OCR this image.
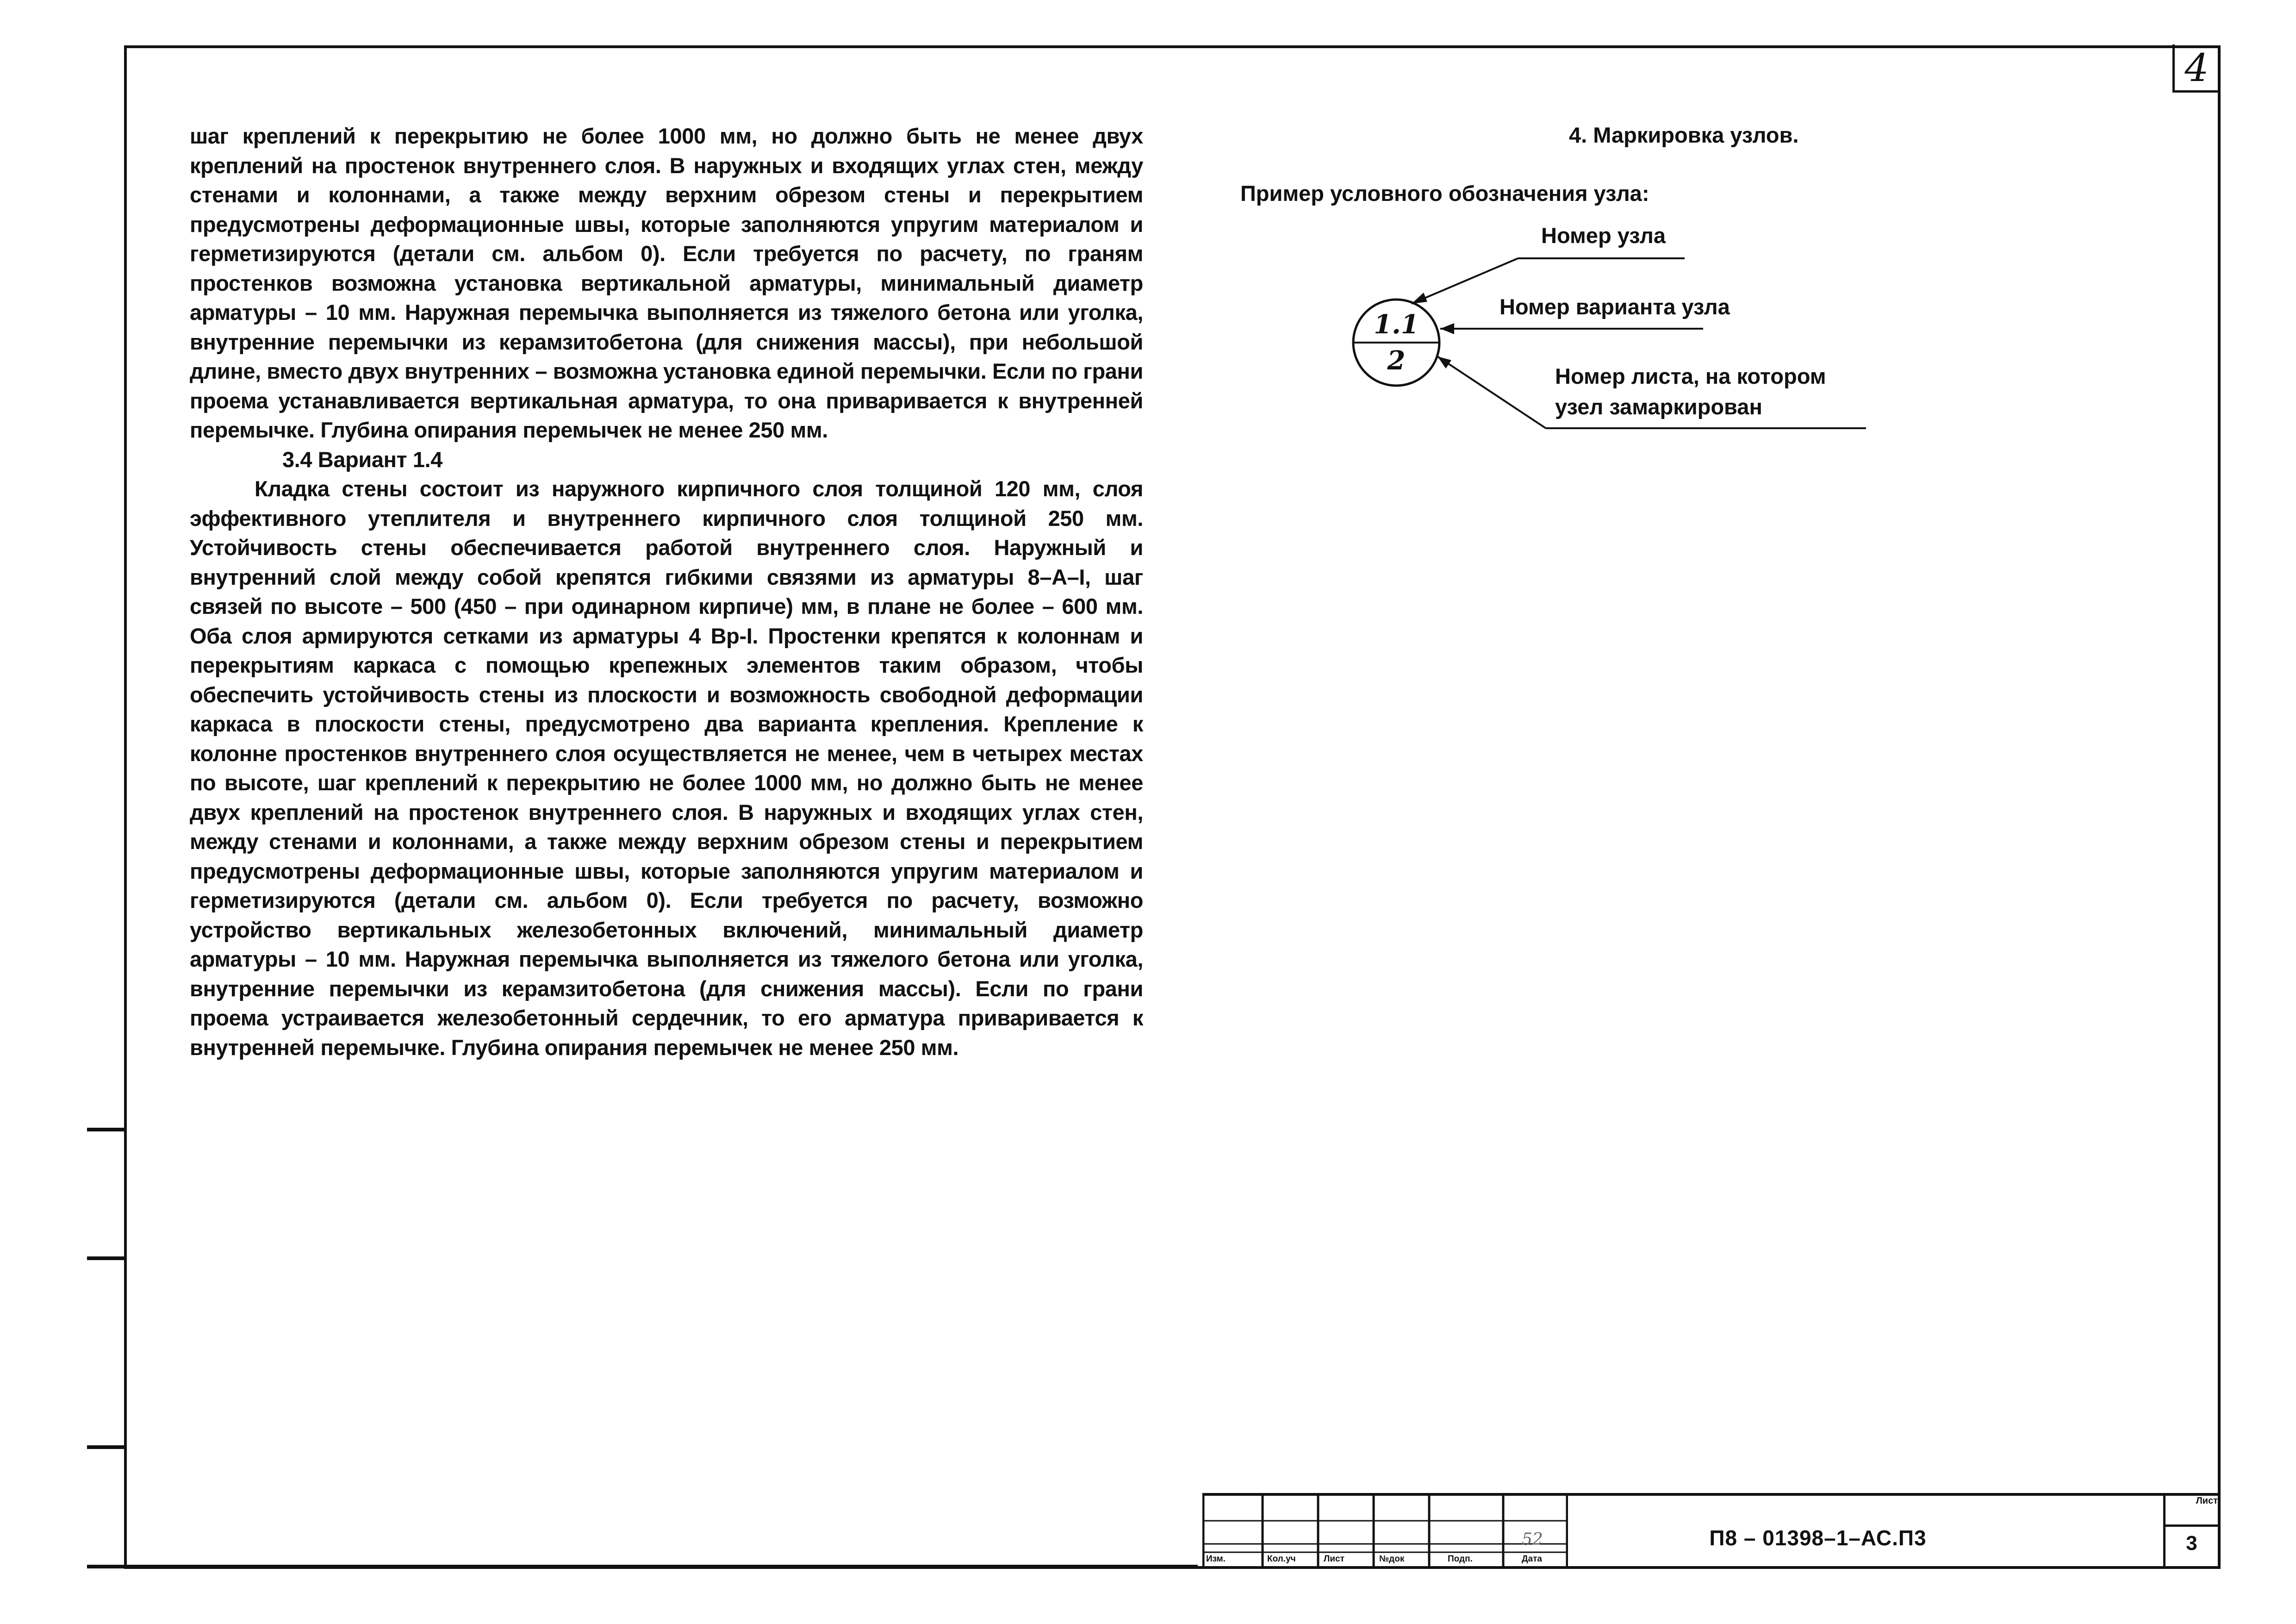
4

шаг креплений к перекрытию не более 1000 мм, но должно быть не менее двух креплений на простенок внутреннего слоя. В наружных и входящих углах стен, между стенами и колоннами, а также между верхним обрезом стены и перекрытием предусмотрены деформационные швы, которые заполняются упругим материалом и герметизируются (детали см. альбом 0). Если требуется по расчету, по граням простенков возможна установка вертикальной арматуры, минимальный диаметр арматуры – 10 мм. Наружная перемычка выполняется из тяжелого бетона или уголка, внутренние перемычки из керамзитобетона (для снижения массы), при небольшой длине, вместо двух внутренних – возможна установка единой перемычки. Если по грани проема устанавливается вертикальная арматура, то она приваривается к внутренней перемычке. Глубина опирания перемычек не менее 250 мм.

3.4 Вариант 1.4

Кладка стены состоит из наружного кирпичного слоя толщиной 120 мм, слоя эффективного утеплителя и внутреннего кирпичного слоя толщиной 250 мм. Устойчивость стены обеспечивается работой внутреннего слоя. Наружный и внутренний слой между собой крепятся гибкими связями из арматуры 8–А–I, шаг связей по высоте – 500 (450 – при одинарном кирпиче) мм, в плане не более – 600 мм. Оба слоя армируются сетками из арматуры 4 Вр-I. Простенки крепятся к колоннам и перекрытиям каркаса с помощью крепежных элементов таким образом, чтобы обеспечить устойчивость стены из плоскости и возможность свободной деформации каркаса в плоскости стены, предусмотрено два варианта крепления. Крепление к колонне простенков внутреннего слоя осуществляется не менее, чем в четырех местах по высоте, шаг креплений к перекрытию не более 1000 мм, но должно быть не менее двух креплений на простенок внутреннего слоя. В наружных и входящих углах стен, между стенами и колоннами, а также между верхним обрезом стены и перекрытием предусмотрены деформационные швы, которые заполняются упругим материалом и герметизируются (детали см. альбом 0). Если требуется по расчету, возможно устройство вертикальных железобетонных включений, минимальный диаметр арматуры – 10 мм. Наружная перемычка выполняется из тяжелого бетона или уголка, внутренние перемычки из керамзитобетона (для снижения массы). Если по грани проема устраивается железобетонный сердечник, то его арматура приваривается к внутренней перемычке. Глубина опирания перемычек не менее 250 мм.

4. Маркировка узлов.
Пример условного обозначения узла:
Номер узла
Номер варианта узла
Номер листа, на котором
узел замаркирован
1.1
2
Изм.	Кол.уч	Лист	№док	Подп.	Дата
52	П8 – 01398–1–АС.П3
Лист
3
